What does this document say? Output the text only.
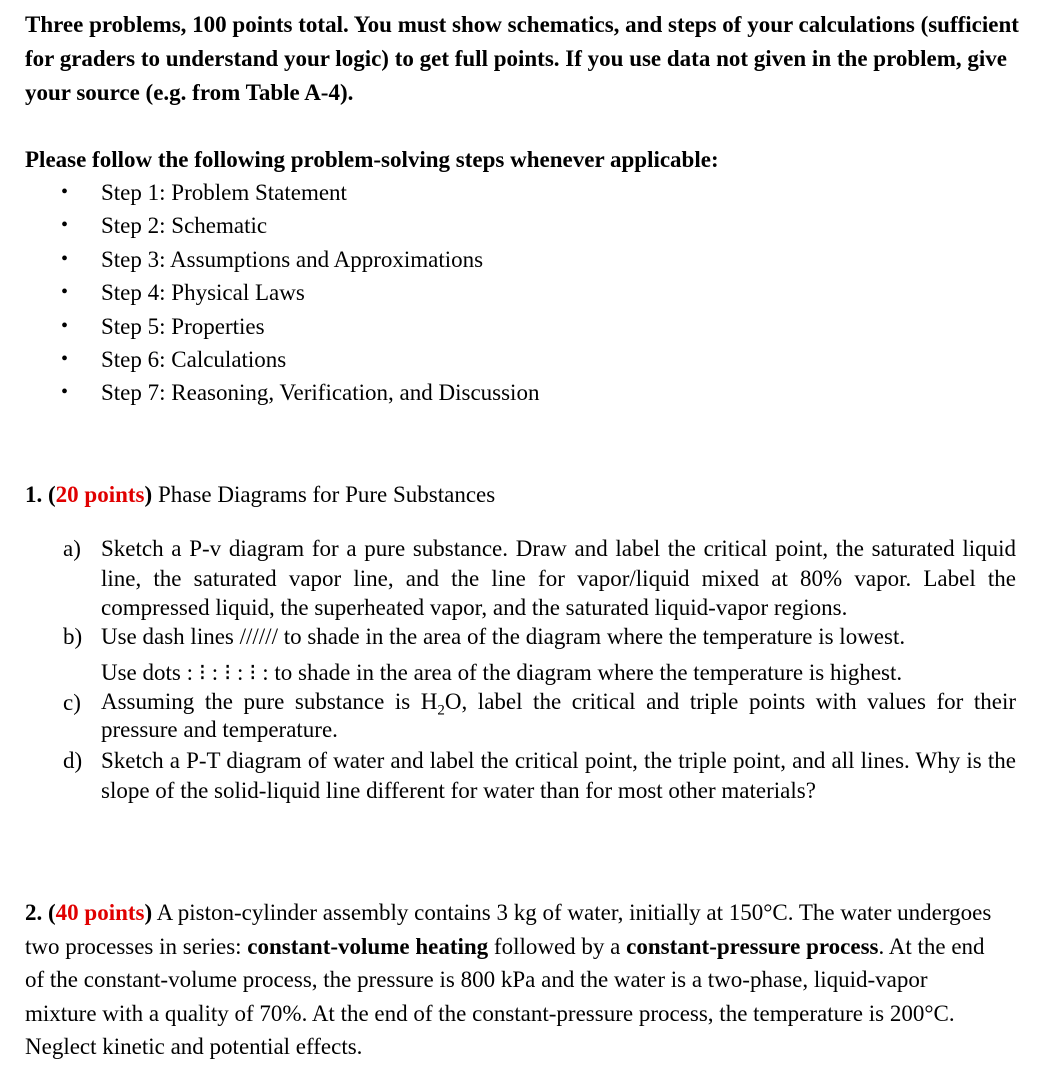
Three problems, 100 points total. You must show schematics, and steps of your calculations (sufficient for graders to understand your logic) to get full points. If you use data not given in the problem, give your source (e.g. from Table A-4).

Please follow the following problem-solving steps whenever applicable:

• Step 1: Problem Statement
• Step 2: Schematic
• Step 3: Assumptions and Approximations
• Step 4: Physical Laws
• Step 5: Properties
• Step 6: Calculations
• Step 7: Reasoning, Verification, and Discussion
1. (20 points) Phase Diagrams for Pure Substances
a) Sketch a P-v diagram for a pure substance. Draw and label the critical point, the saturated liquid line, the saturated vapor line, and the line for vapor/liquid mixed at 80% vapor. Label the compressed liquid, the superheated vapor, and the saturated liquid-vapor regions.
b) Use dash lines ////// to shade in the area of the diagram where the temperature is lowest.
Use dots : ⁝ : ⁝ : ⁝ : to shade in the area of the diagram where the temperature is highest.
c) Assuming the pure substance is $H_2O$, label the critical and triple points with values for their pressure and temperature.
d) Sketch a P-T diagram of water and label the critical point, the triple point, and all lines. Why is the slope of the solid-liquid line different for water than for most other materials?

2. (40 points) A piston-cylinder assembly contains 3 kg of water, initially at 150°C. The water undergoes two processes in series: constant-volume heating followed by a constant-pressure process. At the end of the constant-volume process, the pressure is 800 kPa and the water is a two-phase, liquid-vapor mixture with a quality of 70%. At the end of the constant-pressure process, the temperature is 200°C. Neglect kinetic and potential effects.
